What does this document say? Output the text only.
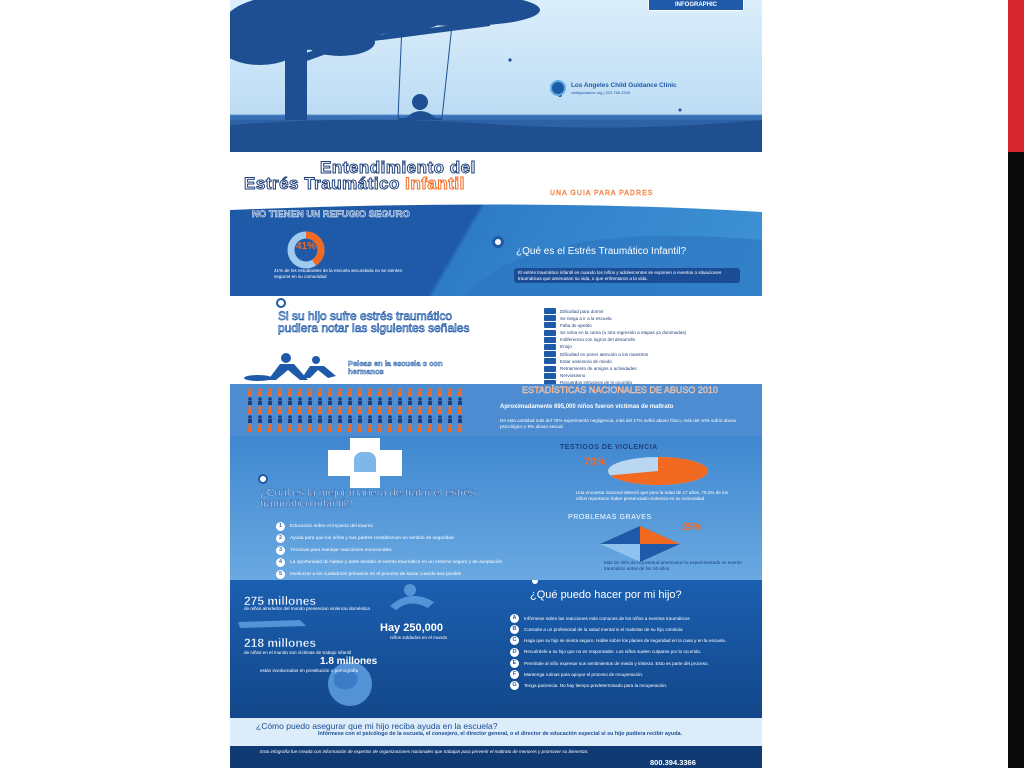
INFOGRAPHIC
Los Angeles Child Guidance Clinic
childguidance.org | 323 766 2345
Entendimiento del
Estrés Traumático Infantil
UNA GUIA PARA PADRES
NO TIENEN UN REFUGIO SEGURO
41%
41% de los estudiantes de la escuela secundaria no se sienten seguros en su comunidad
¿Qué es el Estrés Traumático Infantil?
El estrés traumático infantil es cuando los niños y adolescentes se exponen a eventos o situaciones traumáticas que amenazan su vida, o que enfrentaron a la vida.
Si su hijo sufre estrés traumático pudiera notar las siguientes señales
Peleas en la escuela o con hermanos
Dificultad para dormir
Se niega a ir a la escuela
Falta de apetito
Se orina en la cama (u otra regresión a etapas ya dominadas)
Indiferencia con logros del desarrollo
Enojo
Dificultad en poner atención a los maestros
Estar ansioso/a de miedo
Retraimiento de amigos o actividades
Nerviosismo
Recuerdos intrusivos de lo ocurrido
ESTADÍSTICAS NACIONALES DE ABUSO 2010
Aproximadamente 695,000 niños fueron víctimas de maltrato
De esta cantidad más del 78% experimentó negligencia, más del 17% sufrió abuso físico, más del 10% sufrió abuso psicológico y 9% abuso sexual.
¿Cuál es la mejor manera de tratar el estrés traumático infantil?
1	Educación sobre el impacto del trauma
2	Ayuda para que los niños y sus padres restablezcan un sentido de seguridad
3	Técnicas para manejar reacciones emocionales
4	La oportunidad de hablar y darle sentido al evento traumático en un entorno seguro y de aceptación
5	Involucrar a los cuidadores primarios en el proceso de sanar cuando sea posible
TESTIGOS DE VIOLENCIA
70%
Una encuesta nacional detectó que para la edad de 17 años, 70.2% de los niños reportaron haber presenciado violencia en su comunidad
PROBLEMAS GRAVES
25%
Más de 25% de la juventud americana ha experimentado un evento traumático antes de los 16 años
275 millones
de niños alrededor del mundo presencian violencia doméstica
Hay 250,000
niños soldados en el mundo
218 millones
de niños en el mundo son víctimas de trabajo infantil
1.8 millones
están involucrados en prostitución o pornografía
¿Qué puedo hacer por mi hijo?
A	Infórmese sobre las reacciones más comunes de los niños a eventos traumáticos
B	Consulte a un profesional de la salud mental si el malestar de su hijo continúa
C	Haga que su hijo se sienta seguro. Hable sobre los planes de seguridad en la casa y en la escuela.
D	Recuérdele a su hijo que no es responsable. Los niños suelen culparse por lo ocurrido.
E	Permítale al niño expresar sus sentimientos de miedo y tristeza. Esto es parte del proceso.
F	Mantenga rutinas para apoyar el proceso de recuperación.
G	Tenga paciencia. No hay tiempo predeterminado para la recuperación.
¿Cómo puedo asegurar que mi hijo reciba ayuda en la escuela?
Infórmese con el psicólogo de la escuela, el consejero, el director general, o el director de educación especial si su hijo pudiera recibir ayuda.
Esta infografía fue creada con información de expertos de organizaciones nacionales que trabajan para prevenir el maltrato de menores y promover su bienestar.
800.394.3366
